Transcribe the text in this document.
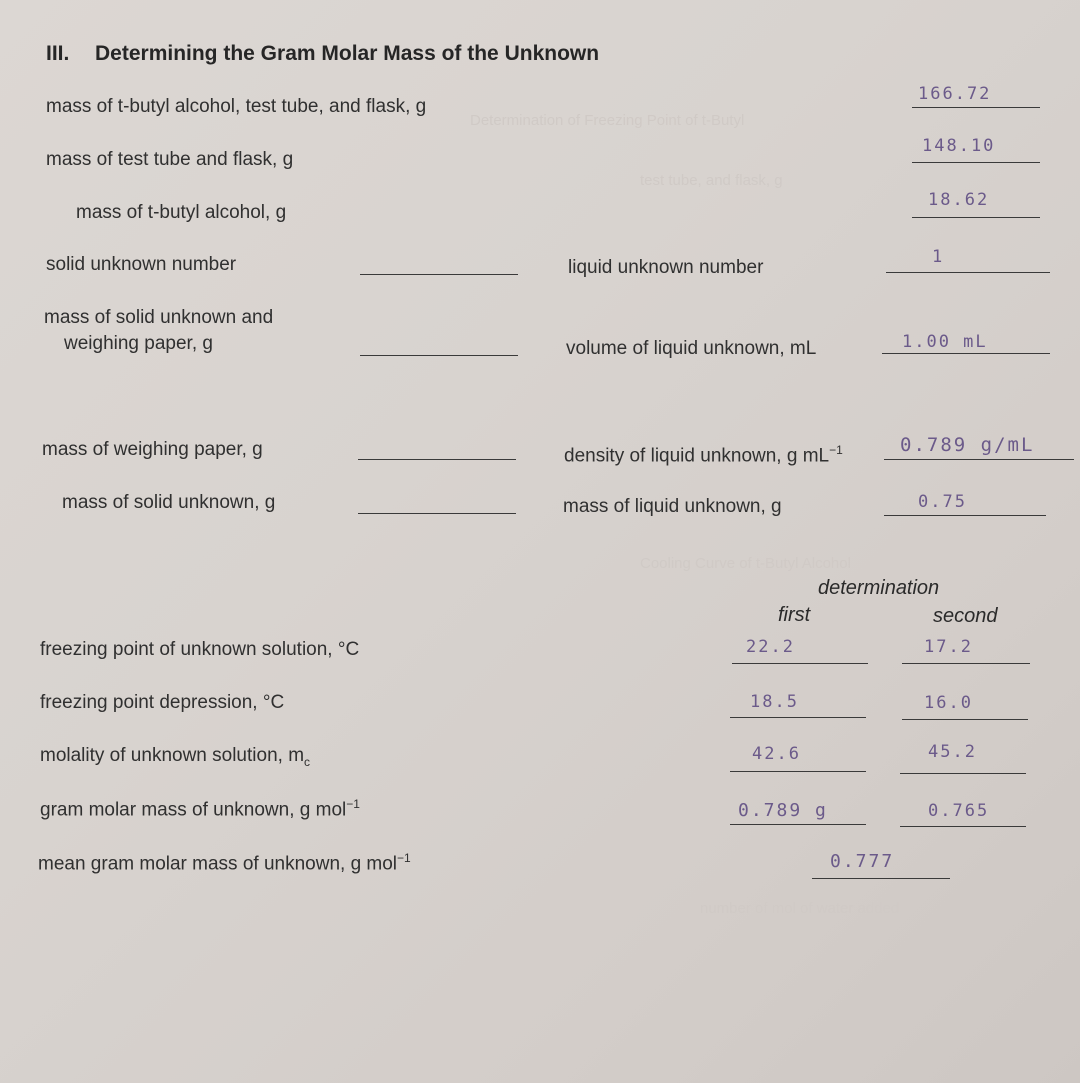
Determination of Freezing Point of t-Butyl
test tube, and flask, g
Cooling Curve of t-Butyl Alcohol
number of mol of water added
III. Determining the Gram Molar Mass of the Unknown
mass of t-butyl alcohol, test tube, and flask, g
166.72
mass of test tube and flask, g
148.10
mass of t-butyl alcohol, g
18.62
solid unknown number	liquid unknown number	1
mass of solid unknown and
weighing paper, g	volume of liquid unknown, mL	1.00 mL
mass of weighing paper, g	density of liquid unknown, g $mL^{-1}$	0.789 g/mL
mass of solid unknown, g	mass of liquid unknown, g	0.75
determination
first	second
freezing point of unknown solution, °C	22.2	17.2
freezing point depression, °C	18.5	16.0
molality of unknown solution, $m_c$	42.6	45.2
gram molar mass of unknown, g mol$^{-1}$	0.789 g	0.765
mean gram molar mass of unknown, g mol$^{-1}$	0.777
